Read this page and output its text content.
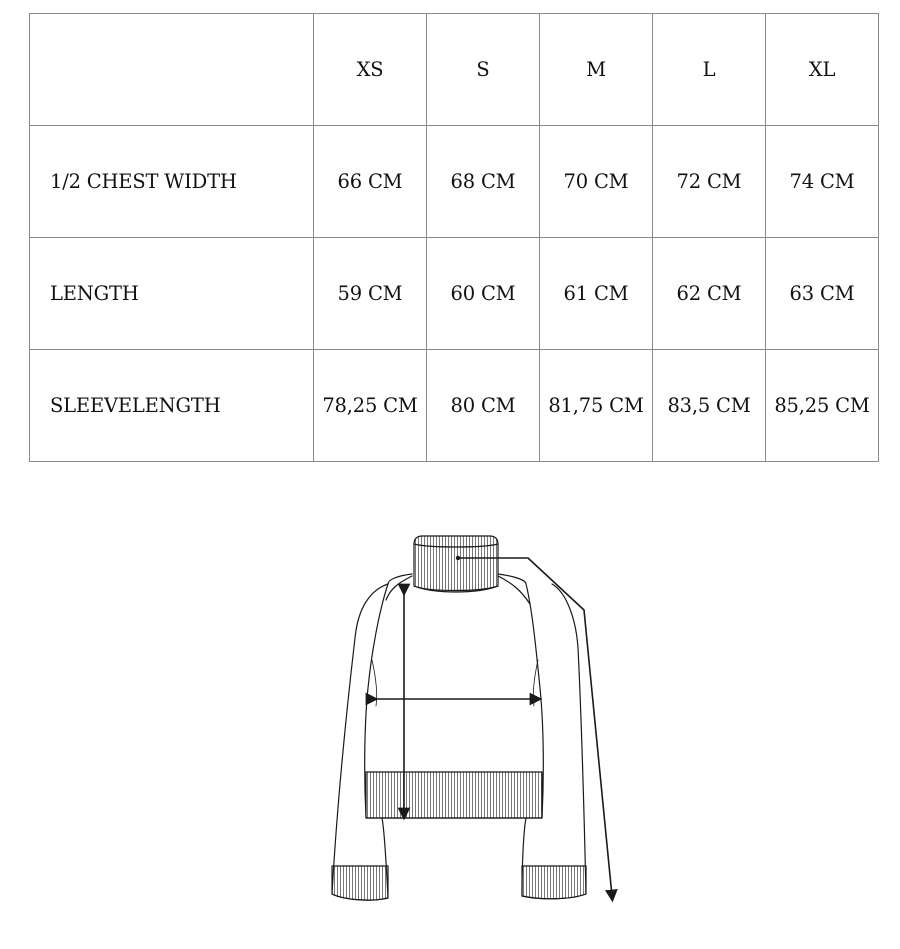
	XS	S	M	L	XL
1/2 CHEST WIDTH	66 CM	68 CM	70 CM	72 CM	74 CM
LENGTH	59 CM	60 CM	61 CM	62 CM	63 CM
SLEEVELENGTH	78,25 CM	80 CM	81,75 CM	83,5 CM	85,25 CM
